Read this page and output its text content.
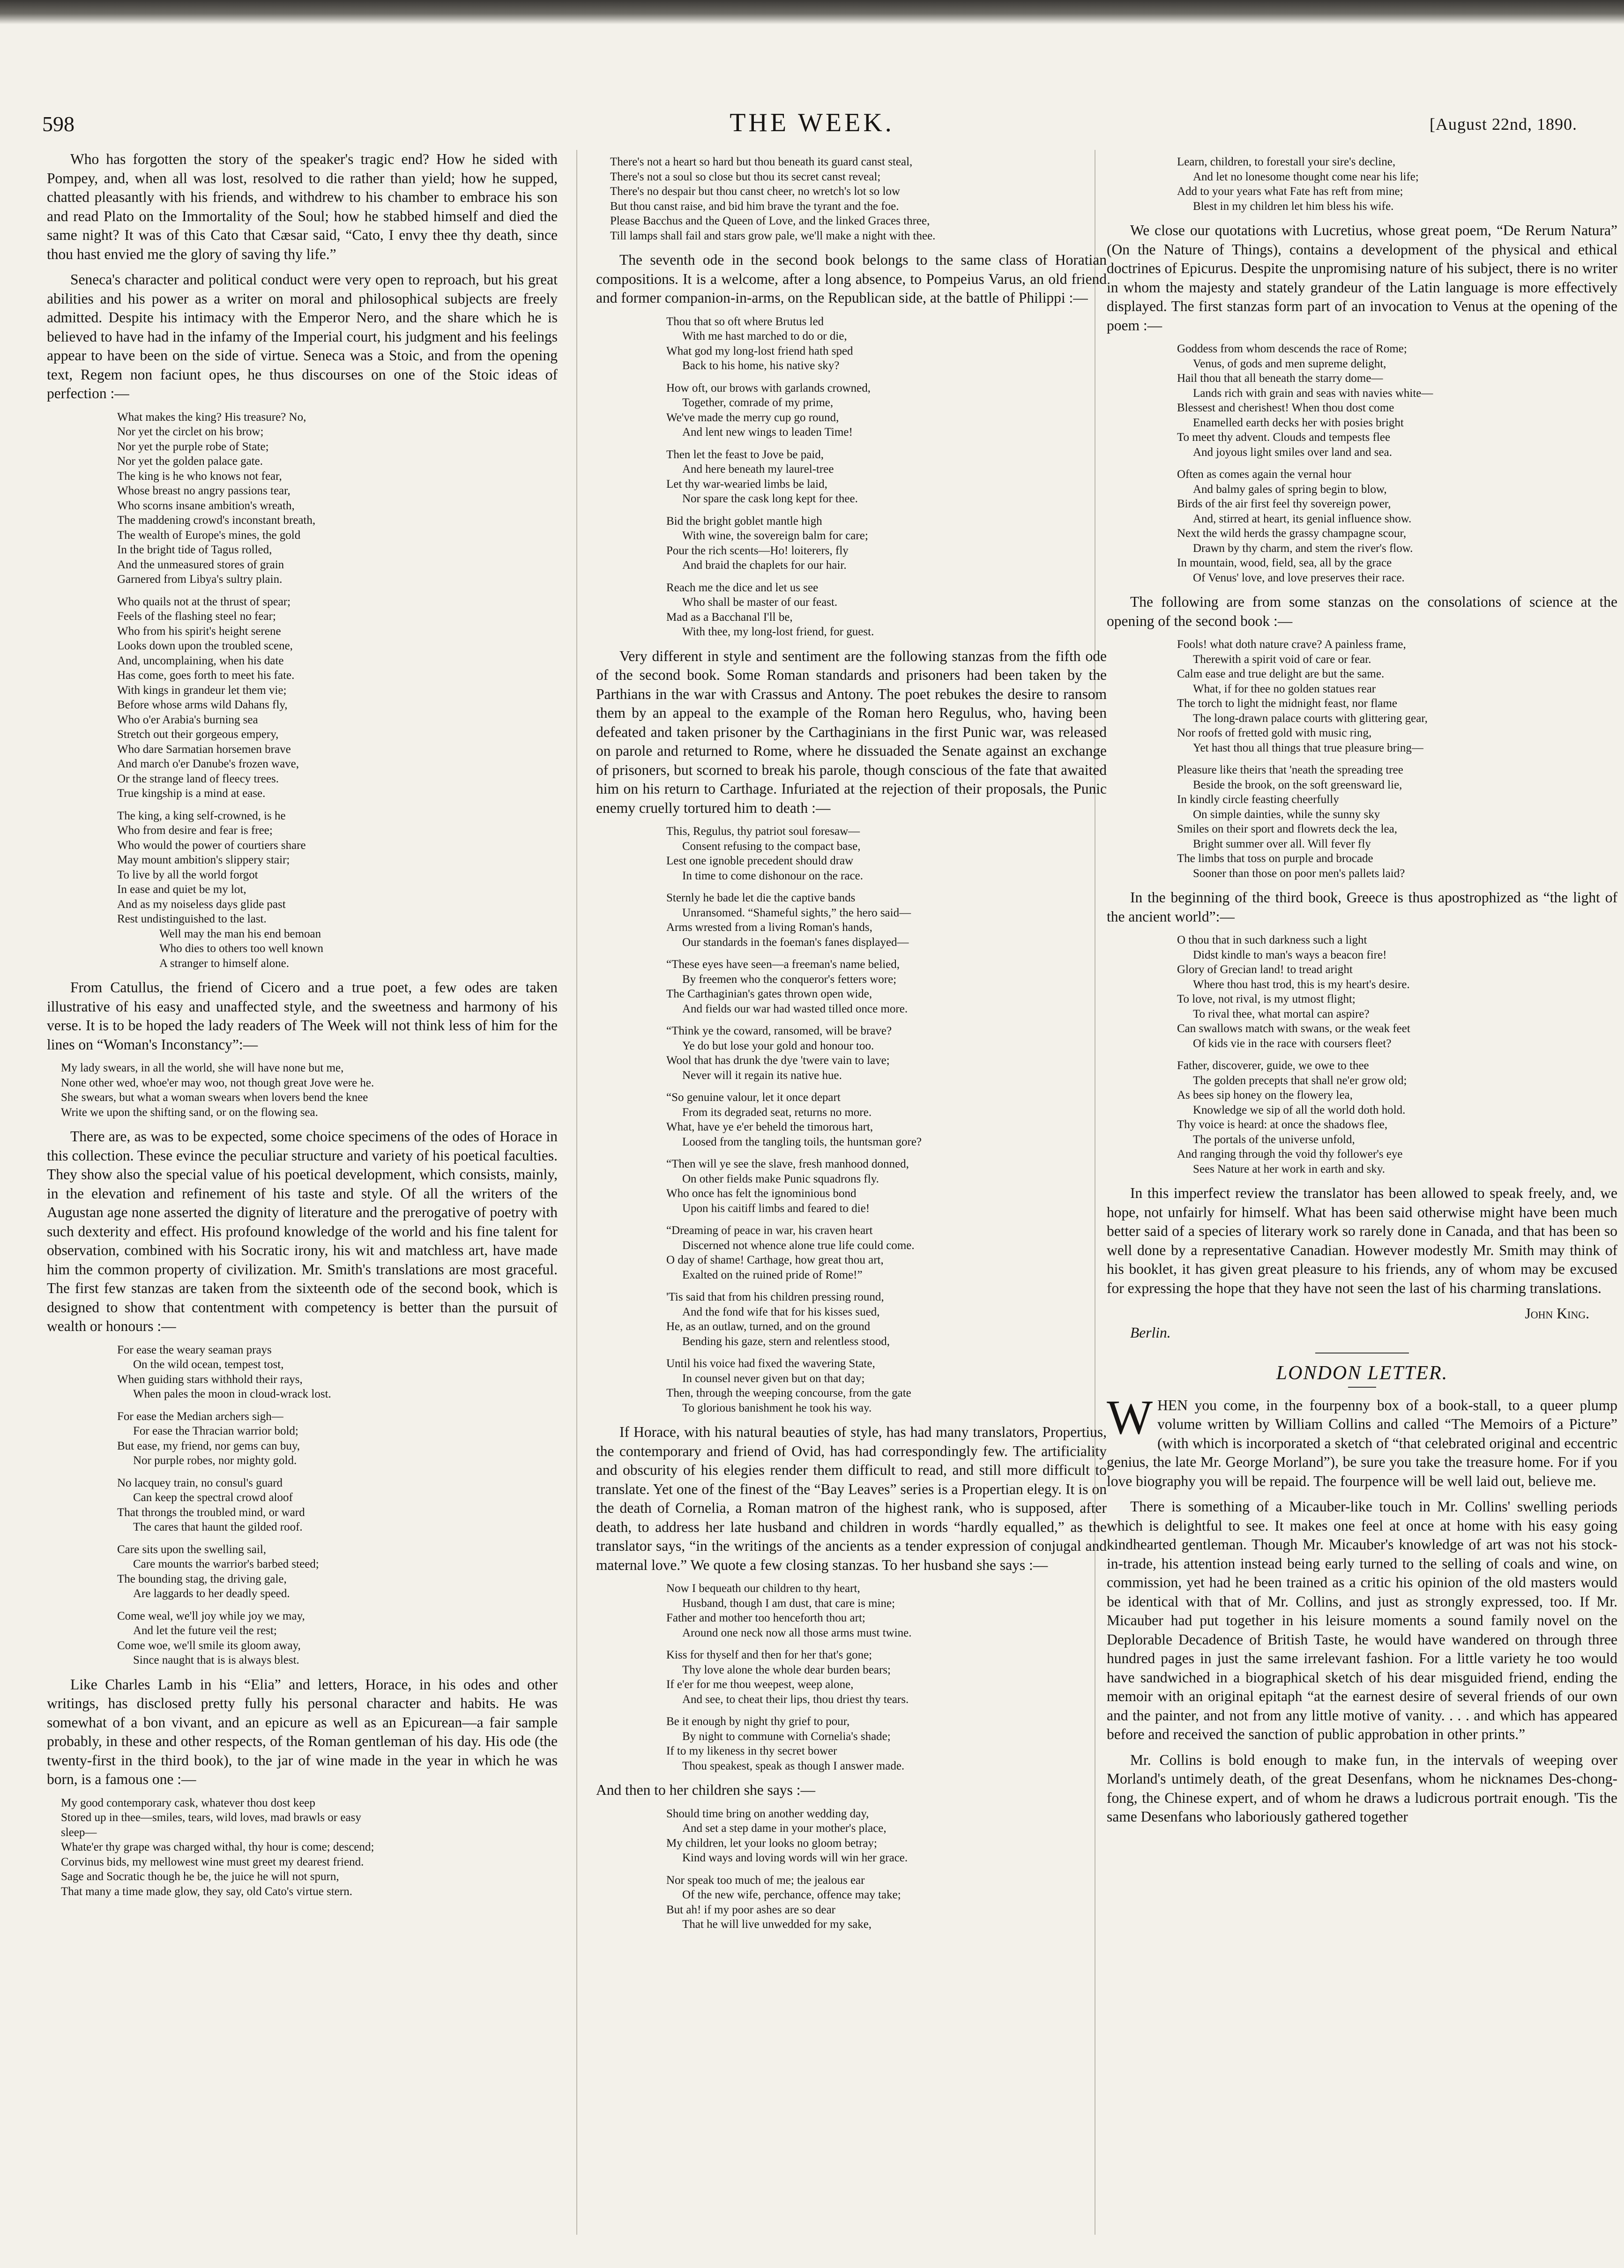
598	THE WEEK.	[August 22nd, 1890.

Who has forgotten the story of the speaker's tragic end? How he sided with Pompey, and, when all was lost, resolved to die rather than yield; how he supped, chatted pleasantly with his friends, and withdrew to his chamber to embrace his son and read Plato on the Immortality of the Soul; how he stabbed himself and died the same night? It was of this Cato that Cæsar said, “Cato, I envy thee thy death, since thou hast envied me the glory of saving thy life.”

Seneca's character and political conduct were very open to reproach, but his great abilities and his power as a writer on moral and philosophical subjects are freely admitted. Despite his intimacy with the Emperor Nero, and the share which he is believed to have had in the infamy of the Imperial court, his judgment and his feelings appear to have been on the side of virtue. Seneca was a Stoic, and from the opening text, Regem non faciunt opes, he thus discourses on one of the Stoic ideas of perfection :—

What makes the king? His treasure? No,
Nor yet the circlet on his brow;
Nor yet the purple robe of State;
Nor yet the golden palace gate.
The king is he who knows not fear,
Whose breast no angry passions tear,
Who scorns insane ambition's wreath,
The maddening crowd's inconstant breath,
The wealth of Europe's mines, the gold
In the bright tide of Tagus rolled,
And the unmeasured stores of grain
Garnered from Libya's sultry plain.
Who quails not at the thrust of spear;
Feels of the flashing steel no fear;
Who from his spirit's height serene
Looks down upon the troubled scene,
And, uncomplaining, when his date
Has come, goes forth to meet his fate.
With kings in grandeur let them vie;
Before whose arms wild Dahans fly,
Who o'er Arabia's burning sea
Stretch out their gorgeous empery,
Who dare Sarmatian horsemen brave
And march o'er Danube's frozen wave,
Or the strange land of fleecy trees.
True kingship is a mind at ease.
The king, a king self-crowned, is he
Who from desire and fear is free;
Who would the power of courtiers share
May mount ambition's slippery stair;
To live by all the world forgot
In ease and quiet be my lot,
And as my noiseless days glide past
Rest undistinguished to the last.
Well may the man his end bemoan
Who dies to others too well known
A stranger to himself alone.

From Catullus, the friend of Cicero and a true poet, a few odes are taken illustrative of his easy and unaffected style, and the sweetness and harmony of his verse. It is to be hoped the lady readers of The Week will not think less of him for the lines on “Woman's Inconstancy”:—

My lady swears, in all the world, she will have none but me,
None other wed, whoe'er may woo, not though great Jove were he.
She swears, but what a woman swears when lovers bend the knee
Write we upon the shifting sand, or on the flowing sea.

There are, as was to be expected, some choice specimens of the odes of Horace in this collection. These evince the peculiar structure and variety of his poetical faculties. They show also the special value of his poetical development, which consists, mainly, in the elevation and refinement of his taste and style. Of all the writers of the Augustan age none asserted the dignity of literature and the prerogative of poetry with such dexterity and effect. His profound knowledge of the world and his fine talent for observation, combined with his Socratic irony, his wit and matchless art, have made him the common property of civilization. Mr. Smith's translations are most graceful. The first few stanzas are taken from the sixteenth ode of the second book, which is designed to show that contentment with competency is better than the pursuit of wealth or honours :—

For ease the weary seaman prays
On the wild ocean, tempest tost,
When guiding stars withhold their rays,
When pales the moon in cloud-wrack lost.
For ease the Median archers sigh—
For ease the Thracian warrior bold;
But ease, my friend, nor gems can buy,
Nor purple robes, nor mighty gold.
No lacquey train, no consul's guard
Can keep the spectral crowd aloof
That throngs the troubled mind, or ward
The cares that haunt the gilded roof.
Care sits upon the swelling sail,
Care mounts the warrior's barbed steed;
The bounding stag, the driving gale,
Are laggards to her deadly speed.
Come weal, we'll joy while joy we may,
And let the future veil the rest;
Come woe, we'll smile its gloom away,
Since naught that is is always blest.

Like Charles Lamb in his “Elia” and letters, Horace, in his odes and other writings, has disclosed pretty fully his personal character and habits. He was somewhat of a bon vivant, and an epicure as well as an Epicurean—a fair sample probably, in these and other respects, of the Roman gentleman of his day. His ode (the twenty-first in the third book), to the jar of wine made in the year in which he was born, is a famous one :—

My good contemporary cask, whatever thou dost keep
Stored up in thee—smiles, tears, wild loves, mad brawls or easy
sleep—
Whate'er thy grape was charged withal, thy hour is come; descend;
Corvinus bids, my mellowest wine must greet my dearest friend.
Sage and Socratic though he be, the juice he will not spurn,
That many a time made glow, they say, old Cato's virtue stern.
There's not a heart so hard but thou beneath its guard canst steal,
There's not a soul so close but thou its secret canst reveal;
There's no despair but thou canst cheer, no wretch's lot so low
But thou canst raise, and bid him brave the tyrant and the foe.
Please Bacchus and the Queen of Love, and the linked Graces three,
Till lamps shall fail and stars grow pale, we'll make a night with thee.

The seventh ode in the second book belongs to the same class of Horatian compositions. It is a welcome, after a long absence, to Pompeius Varus, an old friend and former companion-in-arms, on the Republican side, at the battle of Philippi :—

Thou that so oft where Brutus led
With me hast marched to do or die,
What god my long-lost friend hath sped
Back to his home, his native sky?
How oft, our brows with garlands crowned,
Together, comrade of my prime,
We've made the merry cup go round,
And lent new wings to leaden Time!
Then let the feast to Jove be paid,
And here beneath my laurel-tree
Let thy war-wearied limbs be laid,
Nor spare the cask long kept for thee.
Bid the bright goblet mantle high
With wine, the sovereign balm for care;
Pour the rich scents—Ho! loiterers, fly
And braid the chaplets for our hair.
Reach me the dice and let us see
Who shall be master of our feast.
Mad as a Bacchanal I'll be,
With thee, my long-lost friend, for guest.

Very different in style and sentiment are the following stanzas from the fifth ode of the second book. Some Roman standards and prisoners had been taken by the Parthians in the war with Crassus and Antony. The poet rebukes the desire to ransom them by an appeal to the example of the Roman hero Regulus, who, having been defeated and taken prisoner by the Carthaginians in the first Punic war, was released on parole and returned to Rome, where he dissuaded the Senate against an exchange of prisoners, but scorned to break his parole, though conscious of the fate that awaited him on his return to Carthage. Infuriated at the rejection of their proposals, the Punic enemy cruelly tortured him to death :—

This, Regulus, thy patriot soul foresaw—
Consent refusing to the compact base,
Lest one ignoble precedent should draw
In time to come dishonour on the race.
Sternly he bade let die the captive bands
Unransomed. “Shameful sights,” the hero said—
Arms wrested from a living Roman's hands,
Our standards in the foeman's fanes displayed—
“These eyes have seen—a freeman's name belied,
By freemen who the conqueror's fetters wore;
The Carthaginian's gates thrown open wide,
And fields our war had wasted tilled once more.
“Think ye the coward, ransomed, will be brave?
Ye do but lose your gold and honour too.
Wool that has drunk the dye 'twere vain to lave;
Never will it regain its native hue.
“So genuine valour, let it once depart
From its degraded seat, returns no more.
What, have ye e'er beheld the timorous hart,
Loosed from the tangling toils, the huntsman gore?
“Then will ye see the slave, fresh manhood donned,
On other fields make Punic squadrons fly.
Who once has felt the ignominious bond
Upon his caitiff limbs and feared to die!
“Dreaming of peace in war, his craven heart
Discerned not whence alone true life could come.
O day of shame! Carthage, how great thou art,
Exalted on the ruined pride of Rome!”
'Tis said that from his children pressing round,
And the fond wife that for his kisses sued,
He, as an outlaw, turned, and on the ground
Bending his gaze, stern and relentless stood,
Until his voice had fixed the wavering State,
In counsel never given but on that day;
Then, through the weeping concourse, from the gate
To glorious banishment he took his way.

If Horace, with his natural beauties of style, has had many translators, Propertius, the contemporary and friend of Ovid, has had correspondingly few. The artificiality and obscurity of his elegies render them difficult to read, and still more difficult to translate. Yet one of the finest of the “Bay Leaves” series is a Propertian elegy. It is on the death of Cornelia, a Roman matron of the highest rank, who is supposed, after death, to address her late husband and children in words “hardly equalled,” as the translator says, “in the writings of the ancients as a tender expression of conjugal and maternal love.” We quote a few closing stanzas. To her husband she says :—

Now I bequeath our children to thy heart,
Husband, though I am dust, that care is mine;
Father and mother too henceforth thou art;
Around one neck now all those arms must twine.
Kiss for thyself and then for her that's gone;
Thy love alone the whole dear burden bears;
If e'er for me thou weepest, weep alone,
And see, to cheat their lips, thou driest thy tears.
Be it enough by night thy grief to pour,
By night to commune with Cornelia's shade;
If to my likeness in thy secret bower
Thou speakest, speak as though I answer made.

And then to her children she says :—

Should time bring on another wedding day,
And set a step dame in your mother's place,
My children, let your looks no gloom betray;
Kind ways and loving words will win her grace.
Nor speak too much of me; the jealous ear
Of the new wife, perchance, offence may take;
But ah! if my poor ashes are so dear
That he will live unwedded for my sake,
Learn, children, to forestall your sire's decline,
And let no lonesome thought come near his life;
Add to your years what Fate has reft from mine;
Blest in my children let him bless his wife.

We close our quotations with Lucretius, whose great poem, “De Rerum Natura” (On the Nature of Things), contains a development of the physical and ethical doctrines of Epicurus. Despite the unpromising nature of his subject, there is no writer in whom the majesty and stately grandeur of the Latin language is more effectively displayed. The first stanzas form part of an invocation to Venus at the opening of the poem :—

Goddess from whom descends the race of Rome;
Venus, of gods and men supreme delight,
Hail thou that all beneath the starry dome—
Lands rich with grain and seas with navies white—
Blessest and cherishest! When thou dost come
Enamelled earth decks her with posies bright
To meet thy advent. Clouds and tempests flee
And joyous light smiles over land and sea.
Often as comes again the vernal hour
And balmy gales of spring begin to blow,
Birds of the air first feel thy sovereign power,
And, stirred at heart, its genial influence show.
Next the wild herds the grassy champagne scour,
Drawn by thy charm, and stem the river's flow.
In mountain, wood, field, sea, all by the grace
Of Venus' love, and love preserves their race.

The following are from some stanzas on the consolations of science at the opening of the second book :—

Fools! what doth nature crave? A painless frame,
Therewith a spirit void of care or fear.
Calm ease and true delight are but the same.
What, if for thee no golden statues rear
The torch to light the midnight feast, nor flame
The long-drawn palace courts with glittering gear,
Nor roofs of fretted gold with music ring,
Yet hast thou all things that true pleasure bring—
Pleasure like theirs that 'neath the spreading tree
Beside the brook, on the soft greensward lie,
In kindly circle feasting cheerfully
On simple dainties, while the sunny sky
Smiles on their sport and flowrets deck the lea,
Bright summer over all. Will fever fly
The limbs that toss on purple and brocade
Sooner than those on poor men's pallets laid?

In the beginning of the third book, Greece is thus apostrophized as “the light of the ancient world”:—

O thou that in such darkness such a light
Didst kindle to man's ways a beacon fire!
Glory of Grecian land! to tread aright
Where thou hast trod, this is my heart's desire.
To love, not rival, is my utmost flight;
To rival thee, what mortal can aspire?
Can swallows match with swans, or the weak feet
Of kids vie in the race with coursers fleet?
Father, discoverer, guide, we owe to thee
The golden precepts that shall ne'er grow old;
As bees sip honey on the flowery lea,
Knowledge we sip of all the world doth hold.
Thy voice is heard: at once the shadows flee,
The portals of the universe unfold,
And ranging through the void thy follower's eye
Sees Nature at her work in earth and sky.

In this imperfect review the translator has been allowed to speak freely, and, we hope, not unfairly for himself. What has been said otherwise might have been much better said of a species of literary work so rarely done in Canada, and that has been so well done by a representative Canadian. However modestly Mr. Smith may think of his booklet, it has given great pleasure to his friends, any of whom may be excused for expressing the hope that they have not seen the last of his charming translations.

John King.
Berlin.
LONDON LETTER.

WHEN you come, in the fourpenny box of a book-stall, to a queer plump volume written by William Collins and called “The Memoirs of a Picture” (with which is incorporated a sketch of “that celebrated original and eccentric genius, the late Mr. George Morland”), be sure you take the treasure home. For if you love biography you will be repaid. The fourpence will be well laid out, believe me.

There is something of a Micauber-like touch in Mr. Collins' swelling periods which is delightful to see. It makes one feel at once at home with his easy going kindhearted gentleman. Though Mr. Micauber's knowledge of art was not his stock-in-trade, his attention instead being early turned to the selling of coals and wine, on commission, yet had he been trained as a critic his opinion of the old masters would be identical with that of Mr. Collins, and just as strongly expressed, too. If Mr. Micauber had put together in his leisure moments a sound family novel on the Deplorable Decadence of British Taste, he would have wandered on through three hundred pages in just the same irrelevant fashion. For a little variety he too would have sandwiched in a biographical sketch of his dear misguided friend, ending the memoir with an original epitaph “at the earnest desire of several friends of our own and the painter, and not from any little motive of vanity. . . . and which has appeared before and received the sanction of public approbation in other prints.”

Mr. Collins is bold enough to make fun, in the intervals of weeping over Morland's untimely death, of the great Desenfans, whom he nicknames Des-chong-fong, the Chinese expert, and of whom he draws a ludicrous portrait enough. 'Tis the same Desenfans who laboriously gathered together
